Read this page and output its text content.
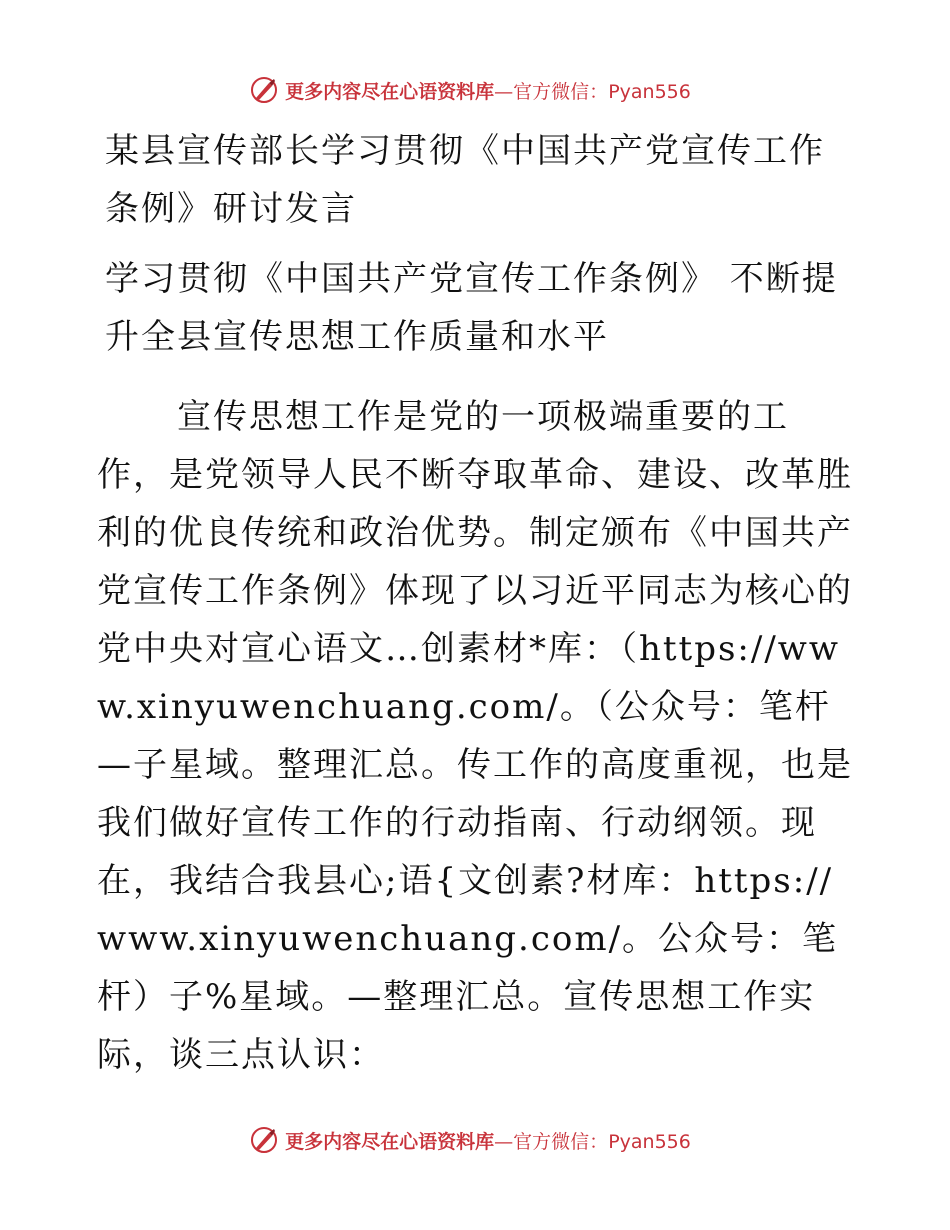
更多内容尽在心语资料库—官方微信：Pyan556

某县宣传部长学习贯彻《中国共产党宣传工作条例》研讨发言

学习贯彻《中国共产党宣传工作条例》 不断提升全县宣传思想工作质量和水平

宣传思想工作是党的一项极端重要的工作，是党领导人民不断夺取革命、建设、改革胜利的优良传统和政治优势。制定颁布《中国共产党宣传工作条例》体现了以习近平同志为核心的党中央对宣心语文…创素材*库：（https://www.xinyuwenchuang.com/。（公众号：笔杆—子星域。整理汇总。传工作的高度重视，也是我们做好宣传工作的行动指南、行动纲领。现在，我结合我县心;语{文创素?材库：https://www.xinyuwenchuang.com/。公众号：笔杆）子%星域。—整理汇总。宣传思想工作实际，谈三点认识：

更多内容尽在心语资料库—官方微信：Pyan556
